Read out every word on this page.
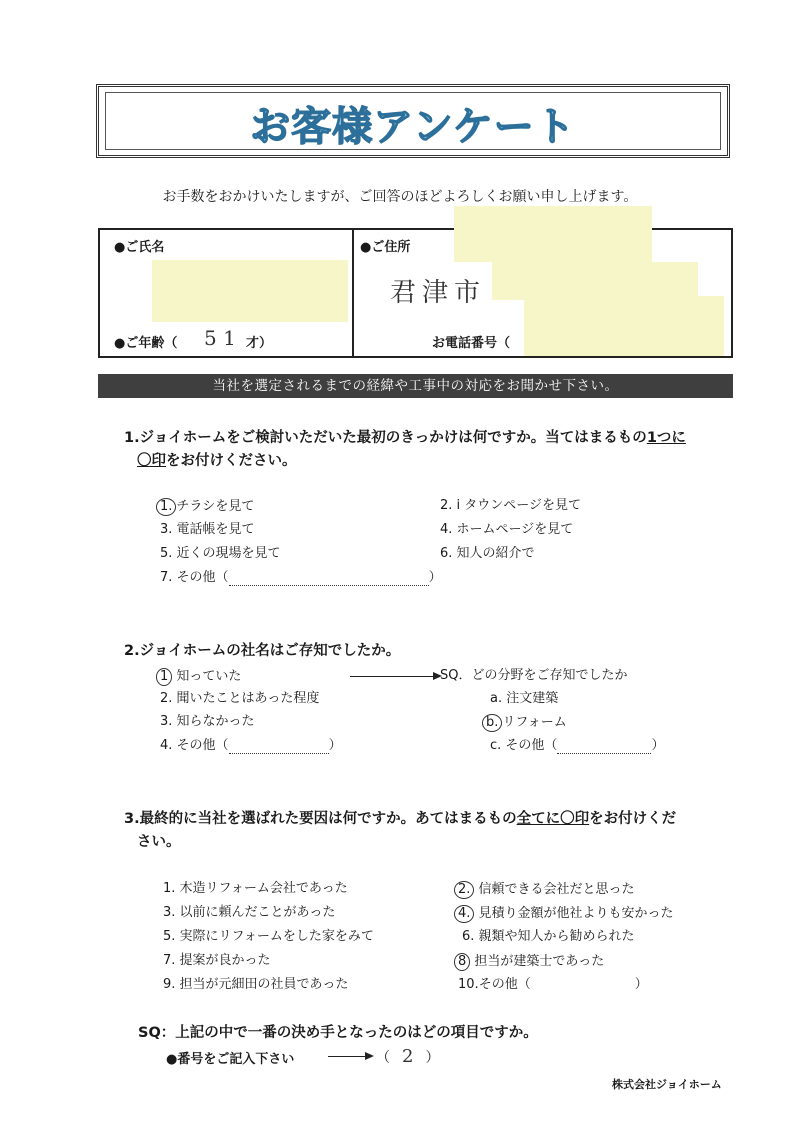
お客様アンケート
お手数をおかけいたしますが、ご回答のほどよろしくお願い申し上げます。
●ご氏名
●ご年齢（ 5 1 才）
●ご住所
君津市
お電話番号（
当社を選定されるまでの経緯や工事中の対応をお聞かせ下さい。
1.ジョイホームをご検討いただいた最初のきっかけは何ですか。当てはまるもの1つに
〇印をお付けください。
1. チラシを見て	2. i タウンページを見て
3. 電話帳を見て	4. ホームページを見て
5. 近くの現場を見て	6. 知人の紹介で
7. その他（	）
2.ジョイホームの社名はご存知でしたか。
1 知っていた	SQ．どの分野をご存知でしたか
2. 聞いたことはあった程度	a. 注文建築
3. 知らなかった	b. リフォーム
4. その他（	）	c. その他（	）
3.最終的に当社を選ばれた要因は何ですか。あてはまるもの全てに〇印をお付けくだ
さい。
1. 木造リフォーム会社であった	2. 信頼できる会社だと思った
3. 以前に頼んだことがあった	4. 見積り金額が他社よりも安かった
5. 実際にリフォームをした家をみて	6. 親類や知人から勧められた
7. 提案が良かった	8 担当が建築士であった
9. 担当が元細田の社員であった	10.その他（	）
SQ：上記の中で一番の決め手となったのはどの項目ですか。
●番号をご記入下さい	（ 2 ）
株式会社ジョイホーム
